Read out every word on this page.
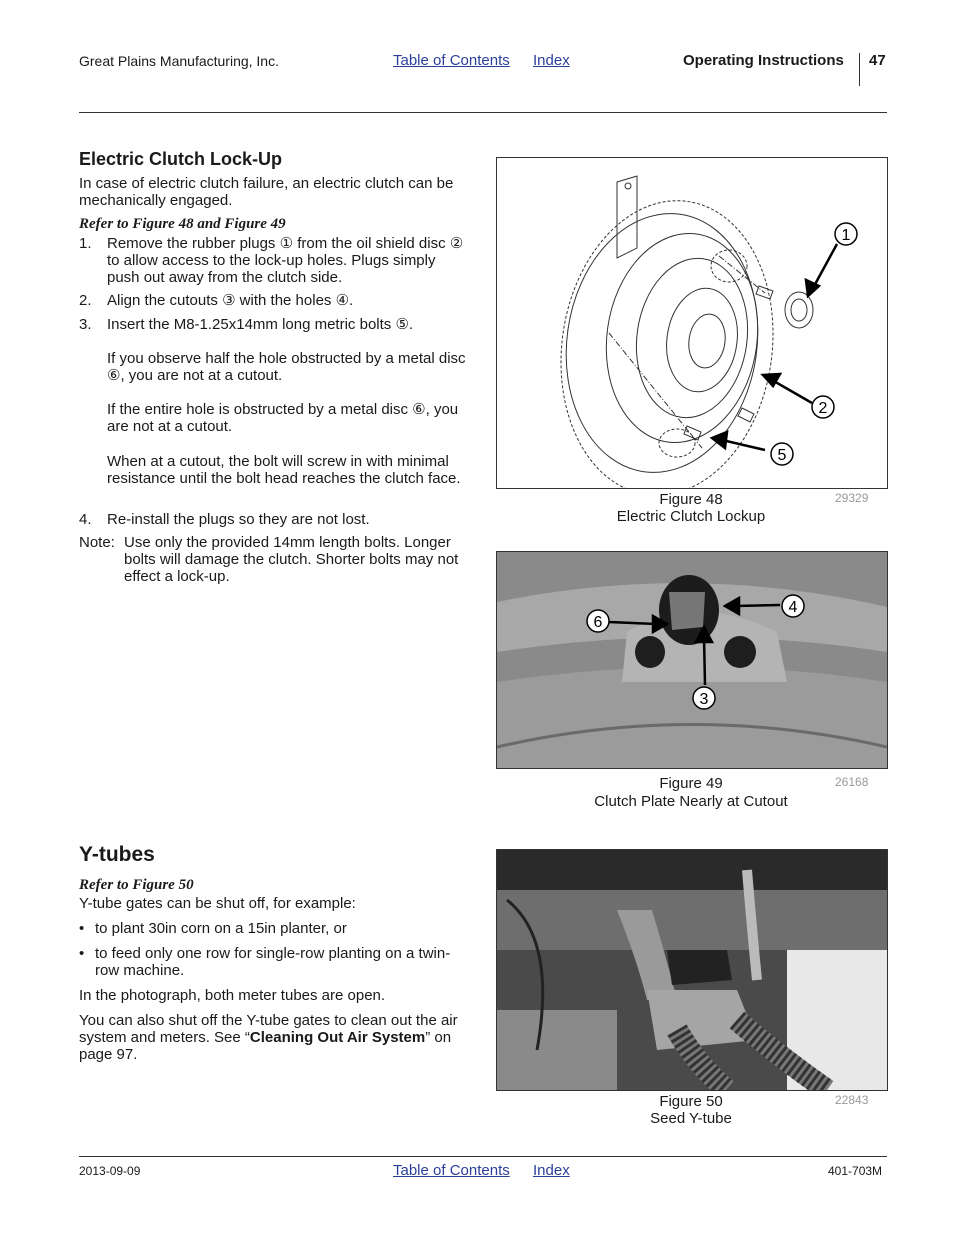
Great Plains Manufacturing, Inc.	Table of Contents Index	Operating Instructions 47
Electric Clutch Lock-Up
In case of electric clutch failure, an electric clutch can be mechanically engaged.
Refer to Figure 48 and Figure 49
1. Remove the rubber plugs ① from the oil shield disc ② to allow access to the lock-up holes. Plugs simply push out away from the clutch side.
2. Align the cutouts ③ with the holes ④.
3. Insert the M8-1.25x14mm long metric bolts ⑤.
If you observe half the hole obstructed by a metal disc ⑥, you are not at a cutout.
If the entire hole is obstructed by a metal disc ⑥, you are not at a cutout.
When at a cutout, the bolt will screw in with minimal resistance until the bolt head reaches the clutch face.
4. Re-install the plugs so they are not lost.
Note: Use only the provided 14mm length bolts. Longer bolts will damage the clutch. Shorter bolts may not effect a lock-up.
Y-tubes
Refer to Figure 50
Y-tube gates can be shut off, for example:
• to plant 30in corn on a 15in planter, or
• to feed only one row for single-row planting on a twin-row machine.
In the photograph, both meter tubes are open.
You can also shut off the Y-tube gates to clean out the air system and meters. See “Cleaning Out Air System” on page 97.
1
2
5
Figure 48
Electric Clutch Lockup
29329
6
4
3
Figure 49
Clutch Plate Nearly at Cutout
26168
Figure 50
Seed Y-tube
22843
2013-09-09	Table of Contents Index	401-703M
